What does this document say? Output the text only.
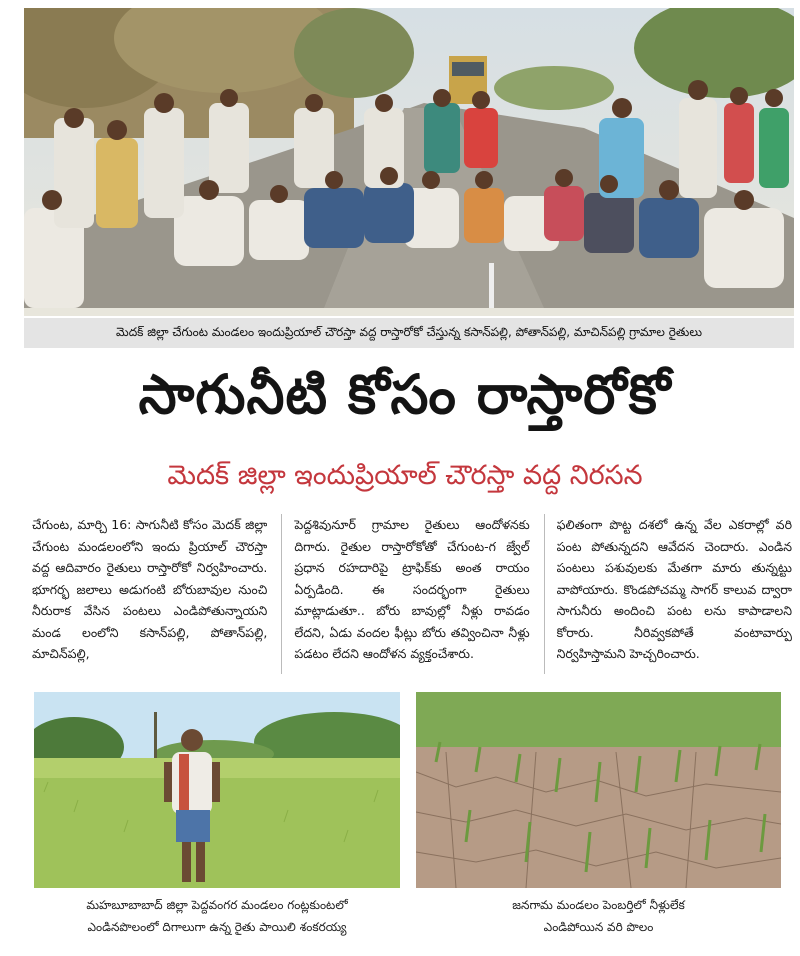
మెదక్ జిల్లా చేగుంట మండలం ఇందుప్రియాల్ చౌరస్తా వద్ద రాస్తారోకో చేస్తున్న కసాన్‌పల్లి, పోతాన్‌పల్లి, మాచిన్‌పల్లి గ్రామాల రైతులు
సాగునీటి కోసం రాస్తారోకో
మెదక్ జిల్లా ఇందుప్రియాల్ చౌరస్తా వద్ద నిరసన
చేగుంట, మార్చి 16: సాగునీటి కోసం మెదక్ జిల్లా చేగుంట మండలంలోని ఇందు ప్రియాల్ చౌరస్తా వద్ద ఆదివారం రైతులు రాస్తారోకో నిర్వహించారు. భూగర్భ జలాలు అడుగంటి బోరుబావుల నుంచి నీరురాక వేసిన పంటలు ఎండిపోతున్నాయని మండ లంలోని కసాన్‌పల్లి, పోతాన్‌పల్లి, మాచిన్‌పల్లి,
పెద్దశివునూర్ గ్రామాల రైతులు ఆందోళనకు దిగారు. రైతుల రాస్తారోకోతో చేగుంట-గ జ్వేల్ ప్రధాన రహదారిపై ట్రాఫిక్‌కు అంత రాయం ఏర్పడింది. ఈ సందర్భంగా రైతులు మాట్లాడుతూ.. బోరు బావుల్లో నీళ్లు రావడం లేదని, ఏడు వందల ఫీట్లు బోరు తవ్వించినా నీళ్లు పడటం లేదని ఆందోళన వ్యక్తంచేశారు.
ఫలితంగా పొట్ట దశలో ఉన్న వేల ఎకరాల్లో వరి పంట పోతున్నదని ఆవేదన చెందారు. ఎండిన పంటలు పశువులకు మేతగా మారు తున్నట్టు వాపోయారు. కొండపోచమ్మ సాగర్ కాలువ ద్వారా సాగునీరు అందించి పంట లను కాపాడాలని కోరారు. నీరివ్వకపోతే వంటావార్పు నిర్వహిస్తామని హెచ్చరించారు.
మహబూబాబాద్ జిల్లా పెద్దవంగర మండలం గంట్లకుంటలో
ఎండినపొలంలో దిగాలుగా ఉన్న రైతు పాయిలి శంకరయ్య
జనగామ మండలం పెంబర్తిలో నీళ్లులేక
ఎండిపోయిన వరి పొలం
